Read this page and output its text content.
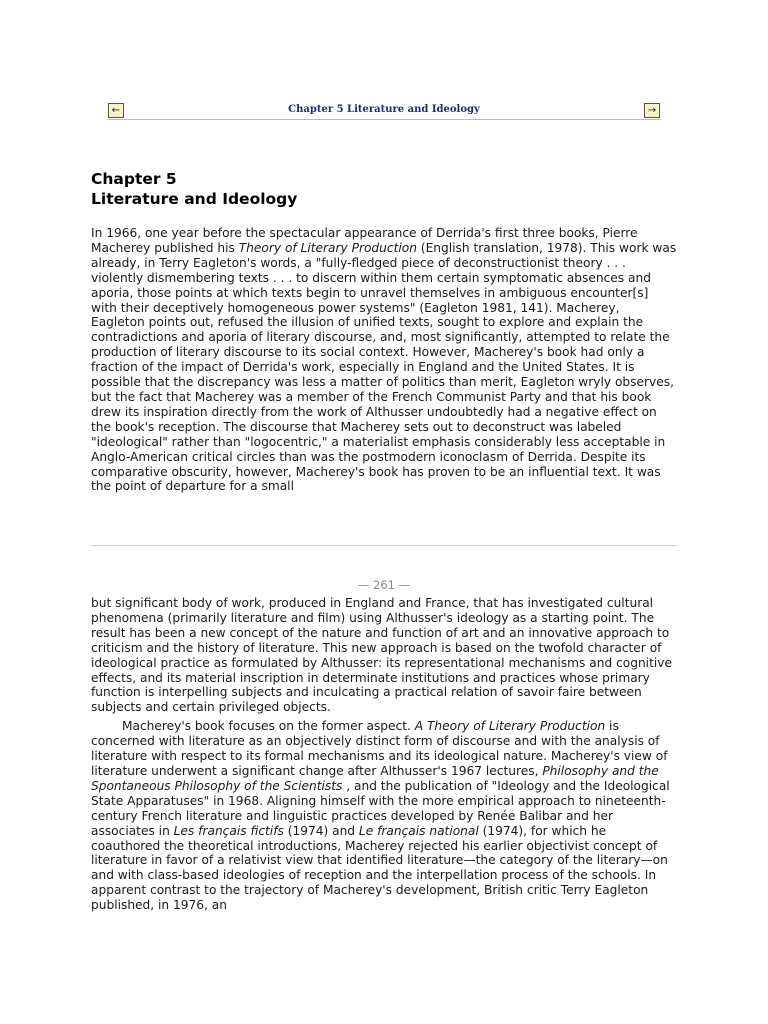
←	Chapter 5 Literature and Ideology	→
Chapter 5
Literature and Ideology

In 1966, one year before the spectacular appearance of Derrida's first three books, Pierre Macherey published his Theory of Literary Production (English translation, 1978). This work was already, in Terry Eagleton's words, a "fully-fledged piece of deconstructionist theory . . . violently dismembering texts . . . to discern within them certain symptomatic absences and aporia, those points at which texts begin to unravel themselves in ambiguous encounter[s] with their deceptively homogeneous power systems" (Eagleton 1981, 141). Macherey, Eagleton points out, refused the illusion of unified texts, sought to explore and explain the contradictions and aporia of literary discourse, and, most significantly, attempted to relate the production of literary discourse to its social context. However, Macherey's book had only a fraction of the impact of Derrida's work, especially in England and the United States. It is possible that the discrepancy was less a matter of politics than merit, Eagleton wryly observes, but the fact that Macherey was a member of the French Communist Party and that his book drew its inspiration directly from the work of Althusser undoubtedly had a negative effect on the book's reception. The discourse that Macherey sets out to deconstruct was labeled "ideological" rather than "logocentric," a materialist emphasis considerably less acceptable in Anglo-American critical circles than was the postmodern iconoclasm of Derrida. Despite its comparative obscurity, however, Macherey's book has proven to be an influential text. It was the point of departure for a small

— 261 —

but significant body of work, produced in England and France, that has investigated cultural phenomena (primarily literature and film) using Althusser's ideology as a starting point. The result has been a new concept of the nature and function of art and an innovative approach to criticism and the history of literature. This new approach is based on the twofold character of ideological practice as formulated by Althusser: its representational mechanisms and cognitive effects, and its material inscription in determinate institutions and practices whose primary function is interpelling subjects and inculcating a practical relation of savoir faire between subjects and certain privileged objects.

Macherey's book focuses on the former aspect. A Theory of Literary Production is concerned with literature as an objectively distinct form of discourse and with the analysis of literature with respect to its formal mechanisms and its ideological nature. Macherey's view of literature underwent a significant change after Althusser's 1967 lectures, Philosophy and the Spontaneous Philosophy of the Scientists , and the publication of "Ideology and the Ideological State Apparatuses" in 1968. Aligning himself with the more empirical approach to nineteenth-century French literature and linguistic practices developed by Renée Balibar and her associates in Les français fictifs (1974) and Le français national (1974), for which he coauthored the theoretical introductions, Macherey rejected his earlier objectivist concept of literature in favor of a relativist view that identified literature—the category of the literary—on and with class-based ideologies of reception and the interpellation process of the schools. In apparent contrast to the trajectory of Macherey's development, British critic Terry Eagleton published, in 1976, an
